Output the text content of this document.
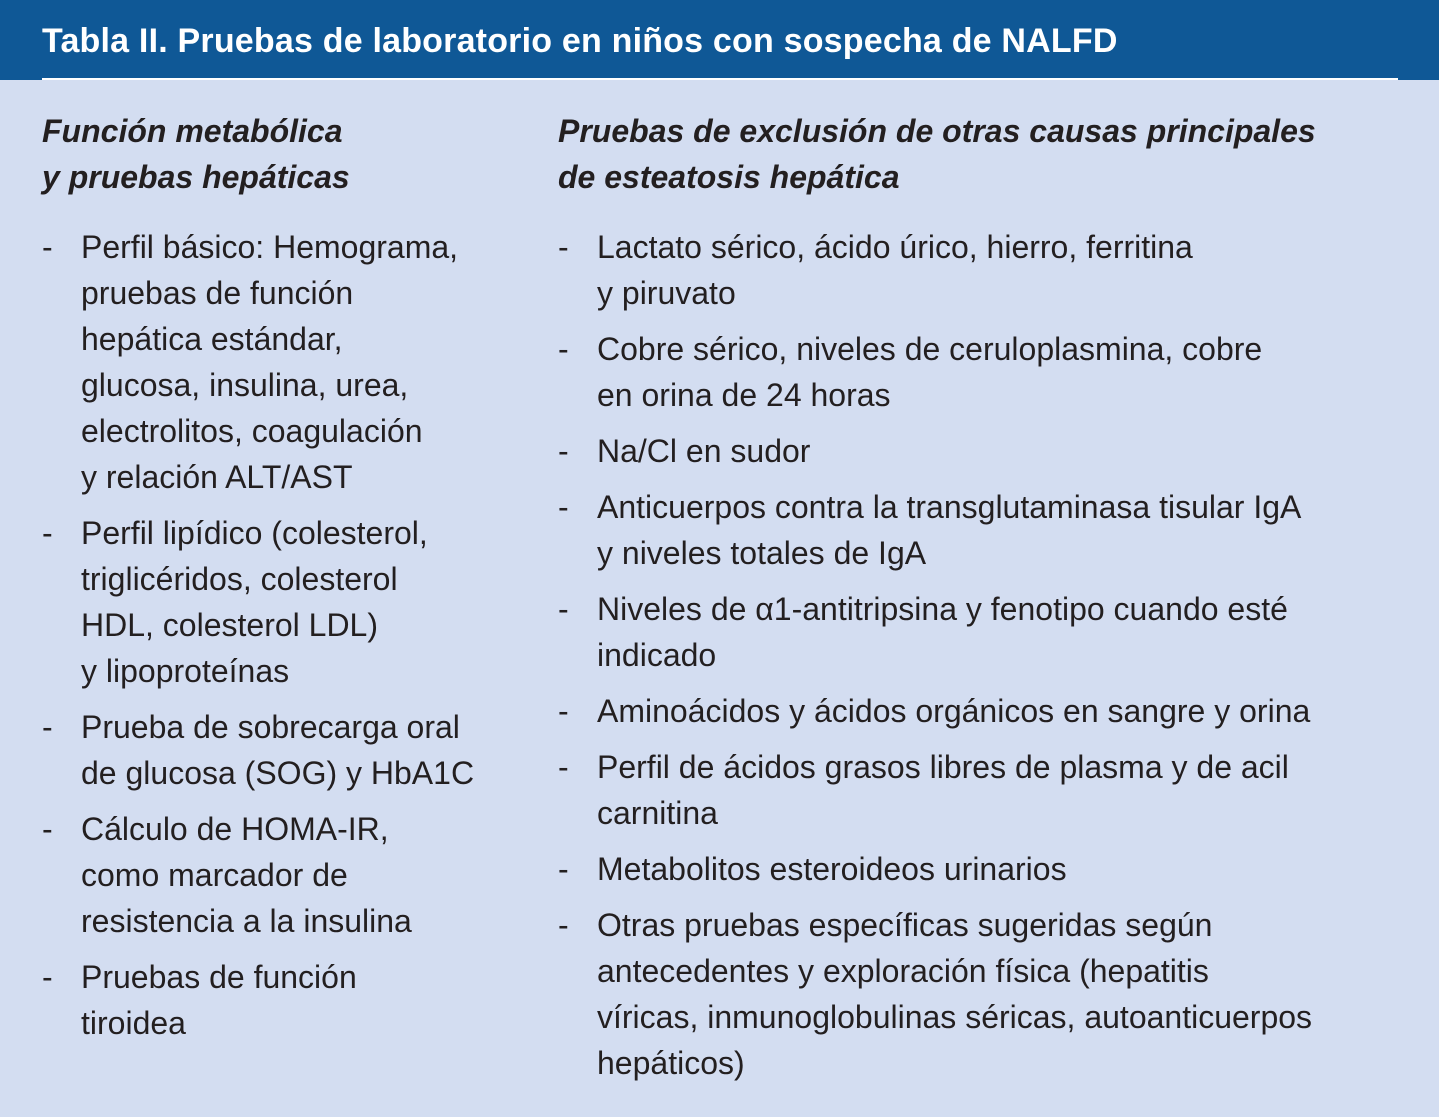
Tabla II. Pruebas de laboratorio en niños con sospecha de NALFD
Función metabólica
y pruebas hepáticas
- Perfil básico: Hemograma,
pruebas de función
hepática estándar,
glucosa, insulina, urea,
electrolitos, coagulación
y relación ALT/AST
- Perfil lipídico (colesterol,
triglicéridos, colesterol
HDL, colesterol LDL)
y lipoproteínas
- Prueba de sobrecarga oral
de glucosa (SOG) y HbA1C
- Cálculo de HOMA-IR,
como marcador de
resistencia a la insulina
- Pruebas de función
tiroidea
Pruebas de exclusión de otras causas principales
de esteatosis hepática
- Lactato sérico, ácido úrico, hierro, ferritina
y piruvato
- Cobre sérico, niveles de ceruloplasmina, cobre
en orina de 24 horas
- Na/Cl en sudor
- Anticuerpos contra la transglutaminasa tisular IgA
y niveles totales de IgA
- Niveles de α1-antitripsina y fenotipo cuando esté
indicado
- Aminoácidos y ácidos orgánicos en sangre y orina
- Perfil de ácidos grasos libres de plasma y de acil
carnitina
- Metabolitos esteroideos urinarios
- Otras pruebas específicas sugeridas según
antecedentes y exploración física (hepatitis
víricas, inmunoglobulinas séricas, autoanticuerpos
hepáticos)
